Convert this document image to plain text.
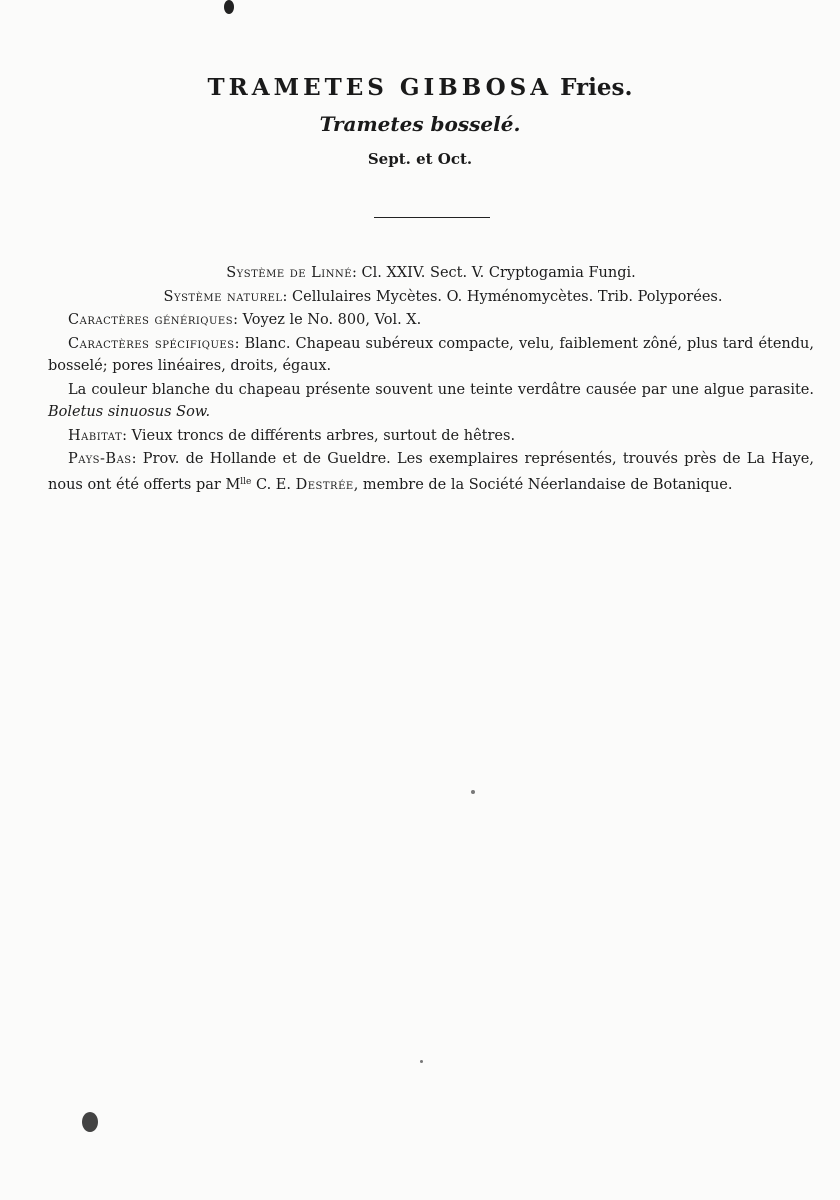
TRAMETES GIBBOSA Fries.
Trametes bosselé.
Sept. et Oct.

Système de Linné: Cl. XXIV. Sect. V. Cryptogamia Fungi.

Système naturel: Cellulaires Mycètes. O. Hyménomycètes. Trib. Polyporées.

Caractères génériques: Voyez le No. 800, Vol. X.

Caractères spécifiques: Blanc. Chapeau subéreux compacte, velu, faiblement zôné, plus tard étendu, bosselé; pores linéaires, droits, égaux.

La couleur blanche du chapeau présente souvent une teinte verdâtre causée par une algue parasite. Boletus sinuosus Sow.

Habitat: Vieux troncs de différents arbres, surtout de hêtres.

Pays-Bas: Prov. de Hollande et de Gueldre. Les exemplaires représentés, trouvés près de La Haye, nous ont été offerts par $M^{lle}$ C. E. Destrée, membre de la Société Néerlandaise de Botanique.
